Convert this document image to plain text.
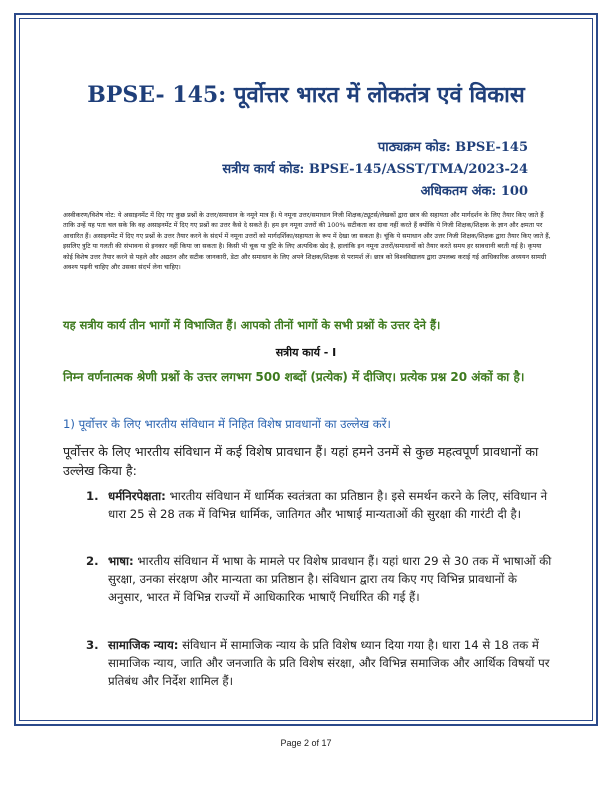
BPSE- 145: पूर्वोत्तर भारत में लोकतंत्र एवं विकास
पाठ्यक्रम कोड: BPSE-145
सत्रीय कार्य कोड: BPSE-145/ASST/TMA/2023-24
अधिकतम अंक: 100
अस्वीकरण/विशेष नोट: ये असाइनमेंट में दिए गए कुछ प्रश्नों के उत्तर/समाधान के नमूने मात्र हैं। ये नमूना उत्तर/समाधान निजी शिक्षक/ट्यूटर्स/लेखकों द्वारा छात्र की सहायता और मार्गदर्शन के लिए तैयार किए जाते हैं ताकि उन्हें यह पता चल सके कि वह असाइनमेंट में दिए गए प्रश्नों का उत्तर कैसे दे सकते हैं। हम इन नमूना उत्तरों की 100% सटीकता का दावा नहीं करते हैं क्योंकि ये निजी शिक्षक/शिक्षक के ज्ञान और क्षमता पर आधारित हैं। असाइनमेंट में दिए गए प्रश्नों के उत्तर तैयार करने के संदर्भ में नमूना उत्तरों को मार्गदर्शिका/सहायता के रूप में देखा जा सकता है। चूंकि ये समाधान और उत्तर निजी शिक्षक/शिक्षक द्वारा तैयार किए जाते हैं, इसलिए त्रुटि या गलती की संभावना से इनकार नहीं किया जा सकता है। किसी भी चूक या त्रुटि के लिए अत्यधिक खेद है, हालांकि इन नमूना उत्तरों/समाधानों को तैयार करते समय हर सावधानी बरती गई है। कृपया कोई विशेष उत्तर तैयार करने से पहले और अद्यतन और सटीक जानकारी, डेटा और समाधान के लिए अपने शिक्षक/शिक्षक से परामर्श लें। छात्र को विश्वविद्यालय द्वारा उपलब्ध कराई गई आधिकारिक अध्ययन सामग्री अवश्य पढ़नी चाहिए और उसका संदर्भ लेना चाहिए।
यह सत्रीय कार्य तीन भागों में विभाजित हैं। आपको तीनों भागों के सभी प्रश्नों के उत्तर देने हैं।
सत्रीय कार्य - I
निम्न वर्णनात्मक श्रेणी प्रश्नों के उत्तर लगभग 500 शब्दों (प्रत्येक) में दीजिए। प्रत्येक प्रश्न 20 अंकों का है।
1) पूर्वोत्तर के लिए भारतीय संविधान में निहित विशेष प्रावधानों का उल्लेख करें।
पूर्वोत्तर के लिए भारतीय संविधान में कई विशेष प्रावधान हैं। यहां हमने उनमें से कुछ महत्वपूर्ण प्रावधानों का उल्लेख किया है:
1. धर्मनिरपेक्षता: भारतीय संविधान में धार्मिक स्वतंत्रता का प्रतिष्ठान है। इसे समर्थन करने के लिए, संविधान ने धारा 25 से 28 तक में विभिन्न धार्मिक, जातिगत और भाषाई मान्यताओं की सुरक्षा की गारंटी दी है।
2. भाषा: भारतीय संविधान में भाषा के मामले पर विशेष प्रावधान हैं। यहां धारा 29 से 30 तक में भाषाओं की सुरक्षा, उनका संरक्षण और मान्यता का प्रतिष्ठान है। संविधान द्वारा तय किए गए विभिन्न प्रावधानों के अनुसार, भारत में विभिन्न राज्यों में आधिकारिक भाषाएँ निर्धारित की गई हैं।
3. सामाजिक न्याय: संविधान में सामाजिक न्याय के प्रति विशेष ध्यान दिया गया है। धारा 14 से 18 तक में सामाजिक न्याय, जाति और जनजाति के प्रति विशेष संरक्षा, और विभिन्न समाजिक और आर्थिक विषयों पर प्रतिबंध और निर्देश शामिल हैं।
Page 2 of 17
